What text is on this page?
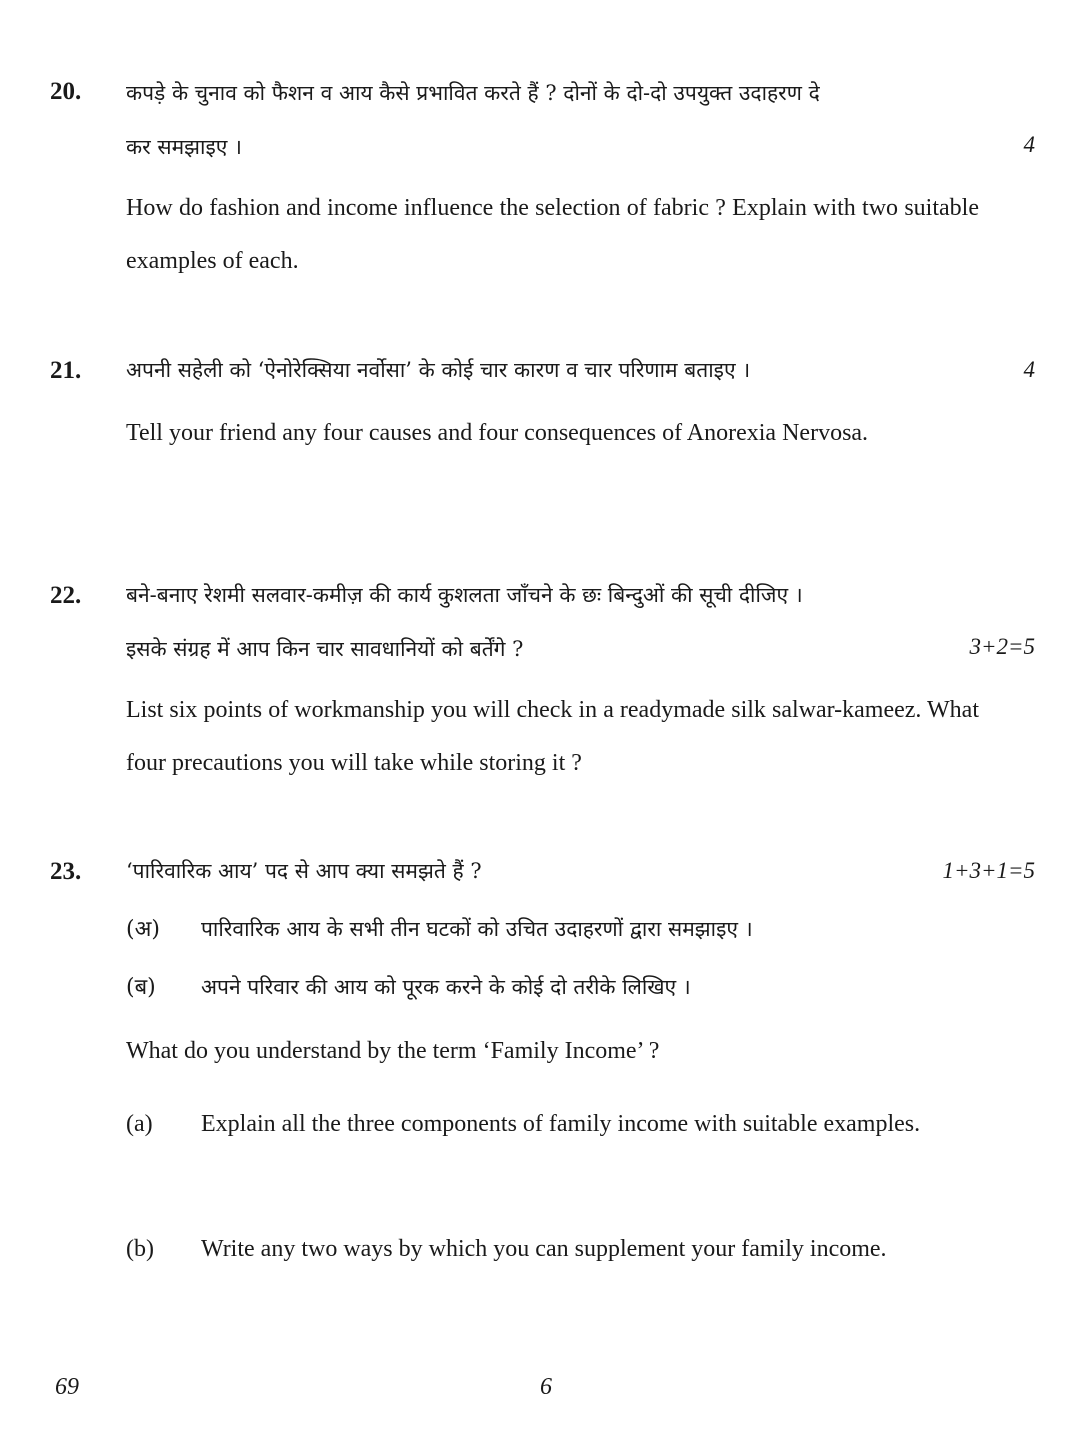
20. कपड़े के चुनाव को फैशन व आय कैसे प्रभावित करते हैं ? दोनों के दो-दो उपयुक्त उदाहरण दे
कर समझाइए ।	4
How do fashion and income influence the selection of fabric ? Explain with two suitable examples of each.
21. अपनी सहेली को ‘ऐनोरेक्सिया नर्वोसा’ के कोई चार कारण व चार परिणाम बताइए ।	4
Tell your friend any four causes and four consequences of Anorexia Nervosa.
22. बने-बनाए रेशमी सलवार-कमीज़ की कार्य कुशलता जाँचने के छः बिन्दुओं की सूची दीजिए ।
इसके संग्रह में आप किन चार सावधानियों को बर्तेंगे ?	3+2=5
List six points of workmanship you will check in a readymade silk salwar-kameez. What four precautions you will take while storing it ?
23. ‘पारिवारिक आय’ पद से आप क्या समझते हैं ?	1+3+1=5
(अ) पारिवारिक आय के सभी तीन घटकों को उचित उदाहरणों द्वारा समझाइए ।
(ब) अपने परिवार की आय को पूरक करने के कोई दो तरीके लिखिए ।
What do you understand by the term ‘Family Income’ ?
(a) Explain all the three components of family income with suitable examples.
(b) Write any two ways by which you can supplement your family income.
69	6
